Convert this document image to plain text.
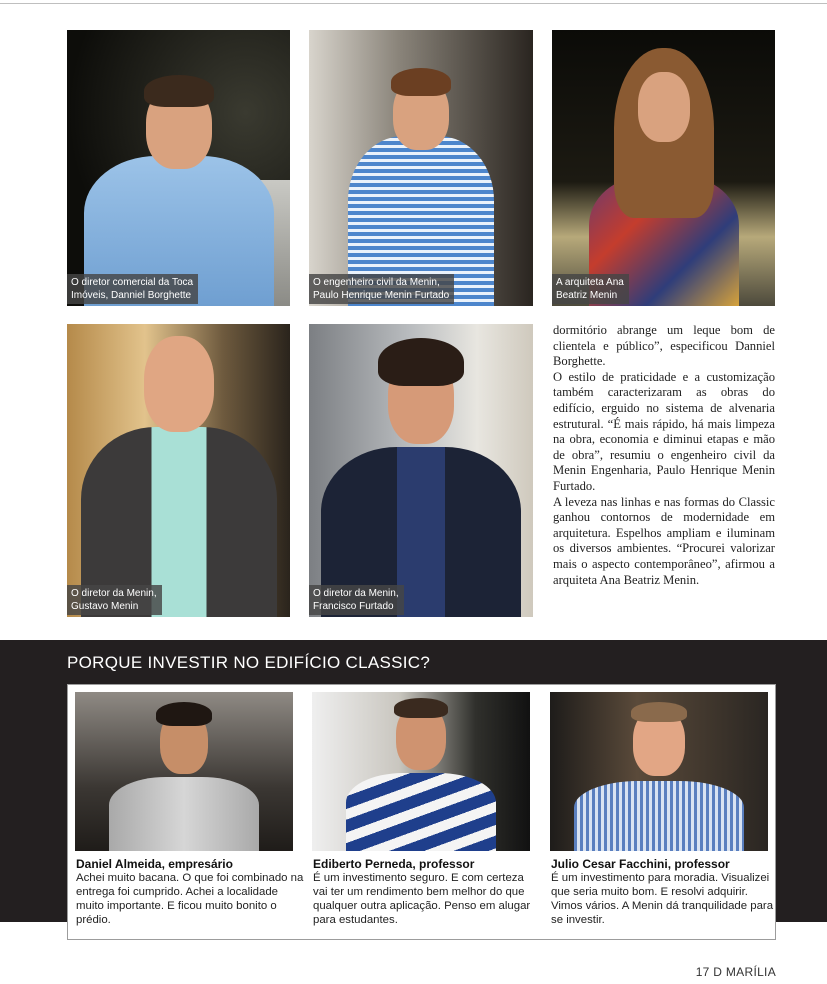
O diretor comercial da Toca
Imóveis, Danniel Borghette
O engenheiro civil da Menin,
Paulo Henrique Menin Furtado
A arquiteta Ana
Beatriz Menin
O diretor da Menin,
Gustavo Menin
O diretor da Menin,
Francisco Furtado

dormitório abrange um leque bom de clientela e público”, especificou Danniel Borghette.

O estilo de praticidade e a customização também caracterizaram as obras do edifício, erguido no sistema de alvenaria estrutural. “É mais rápido, há mais limpeza na obra, economia e diminui etapas e mão de obra”, resumiu o engenheiro civil da Menin Engenharia, Paulo Henrique Menin Furtado.

A leveza nas linhas e nas formas do Classic ganhou contornos de modernidade em arquitetura. Espelhos ampliam e iluminam os diversos ambientes. “Procurei valorizar mais o aspecto contemporâneo”, afirmou a arquiteta Ana Beatriz Menin.

PORQUE INVESTIR NO EDIFÍCIO CLASSIC?
Daniel Almeida, empresário
Achei muito bacana. O que foi combinado na entrega foi cumprido. Achei a localidade muito importante. E ficou muito bonito o prédio.
Ediberto Perneda, professor
É um investimento seguro. E com certeza vai ter um rendimento bem melhor do que qualquer outra aplicação. Penso em alugar para estudantes.
Julio Cesar Facchini, professor
É um investimento para moradia. Visualizei que seria muito bom. E resolvi adquirir. Vimos vários. A Menin dá tranquilidade para se investir.
17 D MARÍLIA
